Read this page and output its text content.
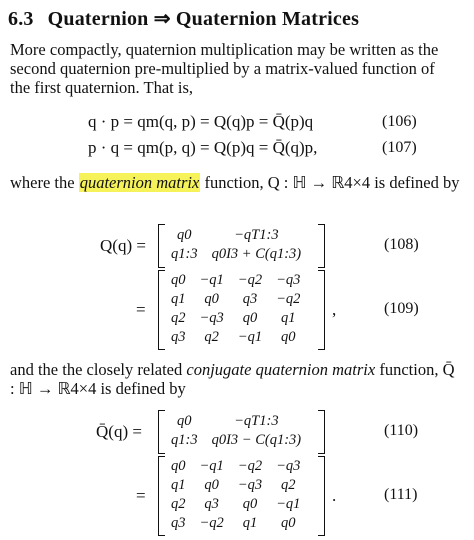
6.3 Quaternion ⇒ Quaternion Matrices
More compactly, quaternion multiplication may be written as the second quaternion pre-multiplied by a matrix-valued function of the first quaternion. That is,
q · p = qm(q, p) = Q(q)p = Q̄(p)q	(106)
p · q = qm(p, q) = Q(p)q = Q̄(q)p,	(107)
where the quaternion matrix function, Q : ℍ → ℝ4×4 is defined by
Q(q) =
q0	−qT1:3
q1:3	q0I3 + C(q1:3)
(108)
=
q0	−q1	−q2	−q3
q1	q0	q3	−q2
q2	−q3	q0	q1
q3	q2	−q1	q0
,	(109)
and the the closely related conjugate quaternion matrix function, Q̄ : ℍ → ℝ4×4 is defined by
Q̄(q) =
q0	−qT1:3
q1:3	q0I3 − C(q1:3)
(110)
=
q0	−q1	−q2	−q3
q1	q0	−q3	q2
q2	q3	q0	−q1
q3	−q2	q1	q0
.	(111)
